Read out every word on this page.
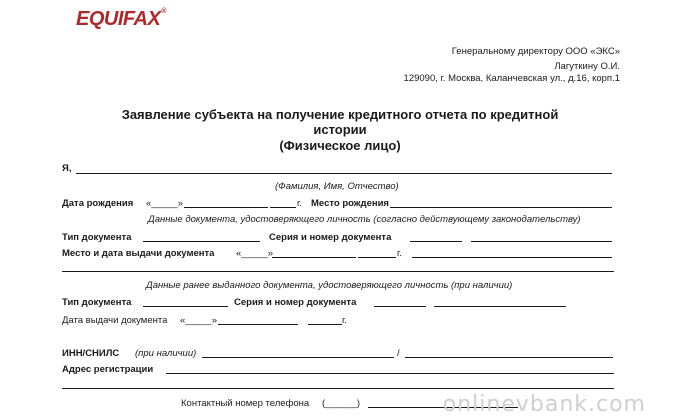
EQUIFAX®
Генеральному директору ООО «ЭКС»
Лагуткину О.И.
129090, г. Москва, Каланчевская ул., д.16, корп.1
Заявление субъекта на получение кредитного отчета по кредитной
истории
(Физическое лицо)
Я,
(Фамилия, Имя, Отчество)
Дата рождения «_____»	г. Место рождения
Данные документа, удостоверяющего личность (согласно действующему законодательству)
Тип документа	Серия и номер документа
Место и дата выдачи документа «_____»	г.
Данные ранее выданного документа, удостоверяющего личность (при наличии)
Тип документа	Серия и номер документа
Дата выдачи документа «_____»	г.
ИНН/СНИЛС (при наличии)	/
Адрес регистрации
Контактный номер телефона (______)	onlinevbank.com
